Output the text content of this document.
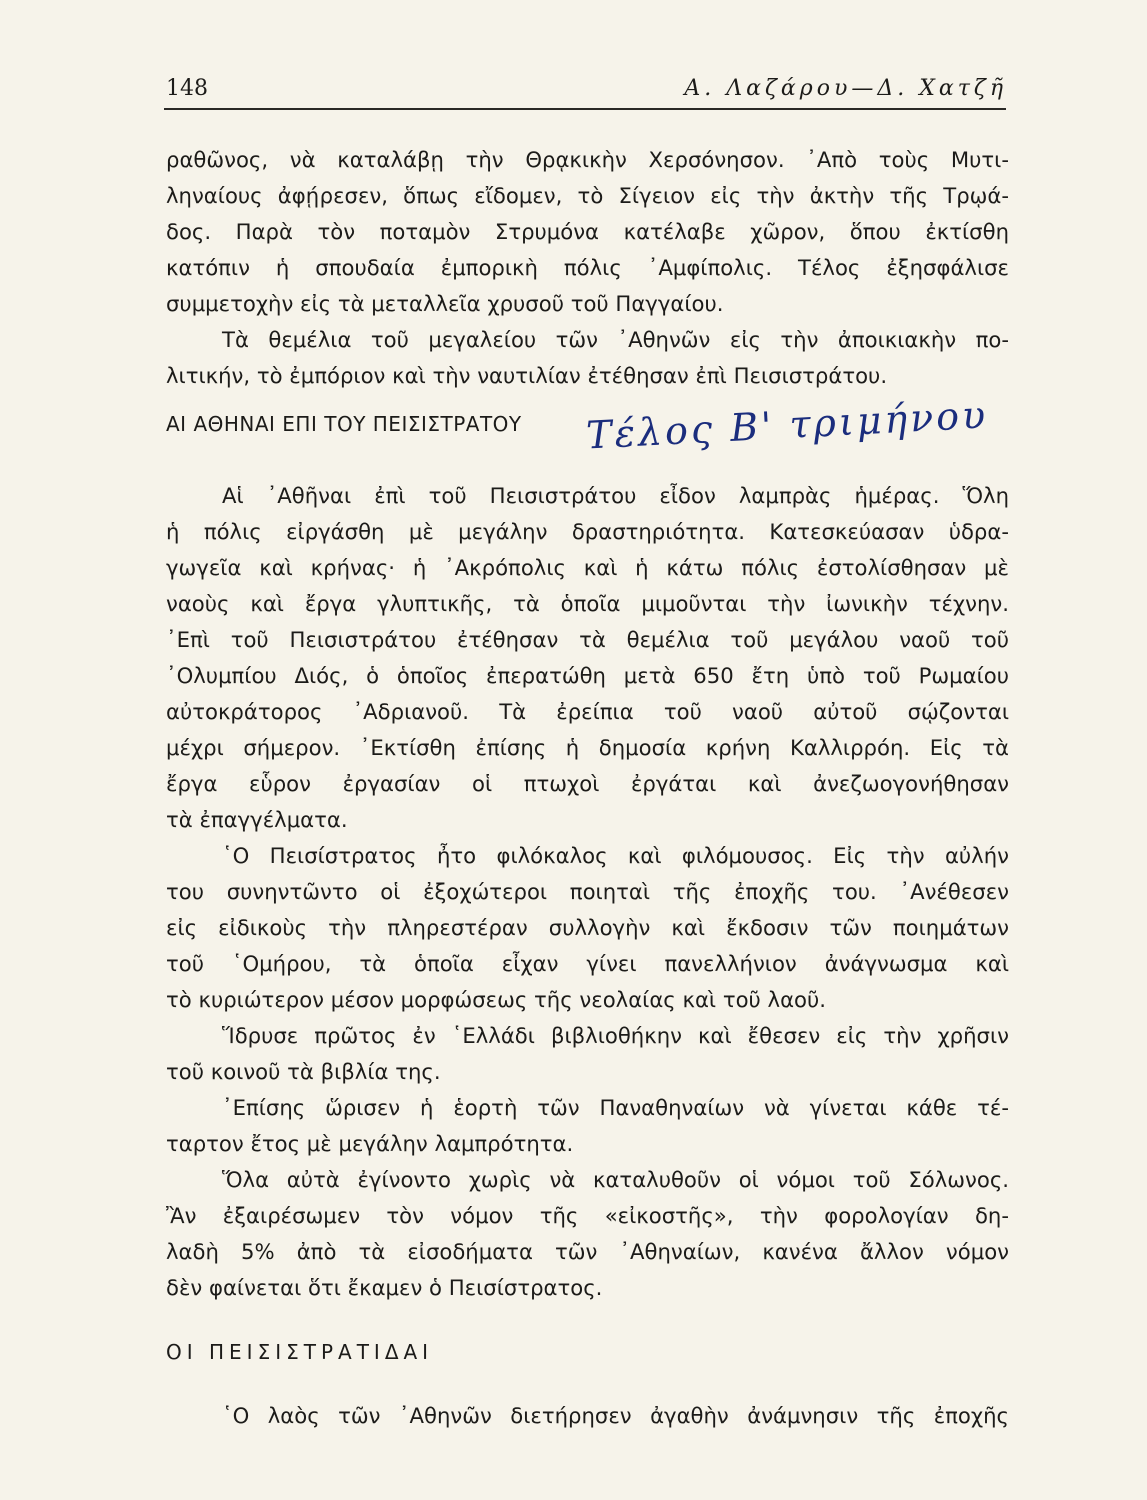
148	Α. Λαζάρου—Δ. Χατζῆ
Τέλος Β' τριμήνου
ραθῶνος, νὰ καταλάβῃ τὴν Θρᾳκικὴν Χερσόνησον. ᾿Απὸ τοὺς Μυτι-
ληναίους ἀφῄρεσεν, ὅπως εἴδομεν, τὸ Σίγειον εἰς τὴν ἀκτὴν τῆς Τρῳά-
δος. Παρὰ τὸν ποταμὸν Στρυμόνα κατέλαβε χῶρον, ὅπου ἐκτίσθη
κατόπιν ἡ σπουδαία ἐμπορικὴ πόλις ᾿Αμφίπολις. Τέλος ἐξησφάλισε
συμμετοχὴν εἰς τὰ μεταλλεῖα χρυσοῦ τοῦ Παγγαίου.
Τὰ θεμέλια τοῦ μεγαλείου τῶν ᾿Αθηνῶν εἰς τὴν ἀποικιακὴν πο-
λιτικήν, τὸ ἐμπόριον καὶ τὴν ναυτιλίαν ἐτέθησαν ἐπὶ Πεισιστράτου.
ΑΙ ΑΘΗΝΑΙ ΕΠΙ ΤΟΥ ΠΕΙΣΙΣΤΡΑΤΟΥ
Αἱ ᾿Αθῆναι ἐπὶ τοῦ Πεισιστράτου εἶδον λαμπρὰς ἡμέρας. Ὅλη
ἡ πόλις εἰργάσθη μὲ μεγάλην δραστηριότητα. Κατεσκεύασαν ὑδρα-
γωγεῖα καὶ κρήνας· ἡ ᾿Ακρόπολις καὶ ἡ κάτω πόλις ἐστολίσθησαν μὲ
ναοὺς καὶ ἔργα γλυπτικῆς, τὰ ὁποῖα μιμοῦνται τὴν ἰωνικὴν τέχνην.
᾿Επὶ τοῦ Πεισιστράτου ἐτέθησαν τὰ θεμέλια τοῦ μεγάλου ναοῦ τοῦ
᾿Ολυμπίου Διός, ὁ ὁποῖος ἐπερατώθη μετὰ 650 ἔτη ὑπὸ τοῦ Ρωμαίου
αὐτοκράτορος ᾿Αδριανοῦ. Τὰ ἐρείπια τοῦ ναοῦ αὐτοῦ σῴζονται
μέχρι σήμερον. ᾿Εκτίσθη ἐπίσης ἡ δημοσία κρήνη Καλλιρρόη. Εἰς τὰ
ἔργα εὗρον ἐργασίαν οἱ πτωχοὶ ἐργάται καὶ ἀνεζωογονήθησαν
τὰ ἐπαγγέλματα.
῾Ο Πεισίστρατος ἦτο φιλόκαλος καὶ φιλόμουσος. Εἰς τὴν αὐλήν
του συνηντῶντο οἱ ἐξοχώτεροι ποιηταὶ τῆς ἐποχῆς του. ᾿Ανέθεσεν
εἰς εἰδικοὺς τὴν πληρεστέραν συλλογὴν καὶ ἔκδοσιν τῶν ποιημάτων
τοῦ ῾Ομήρου, τὰ ὁποῖα εἶχαν γίνει πανελλήνιον ἀνάγνωσμα καὶ
τὸ κυριώτερον μέσον μορφώσεως τῆς νεολαίας καὶ τοῦ λαοῦ.
Ἵδρυσε πρῶτος ἐν ῾Ελλάδι βιβλιοθήκην καὶ ἔθεσεν εἰς τὴν χρῆσιν
τοῦ κοινοῦ τὰ βιβλία της.
᾿Επίσης ὥρισεν ἡ ἑορτὴ τῶν Παναθηναίων νὰ γίνεται κάθε τέ-
ταρτον ἔτος μὲ μεγάλην λαμπρότητα.
Ὅλα αὐτὰ ἐγίνοντο χωρὶς νὰ καταλυθοῦν οἱ νόμοι τοῦ Σόλωνος.
Ἂν ἐξαιρέσωμεν τὸν νόμον τῆς «εἰκοστῆς», τὴν φορολογίαν δη-
λαδὴ 5% ἀπὸ τὰ εἰσοδήματα τῶν ᾿Αθηναίων, κανένα ἄλλον νόμον
δὲν φαίνεται ὅτι ἔκαμεν ὁ Πεισίστρατος.
ΟΙ ΠΕΙΣΙΣΤΡΑΤΙΔΑΙ
῾Ο λαὸς τῶν ᾿Αθηνῶν διετήρησεν ἀγαθὴν ἀνάμνησιν τῆς ἐποχῆς
